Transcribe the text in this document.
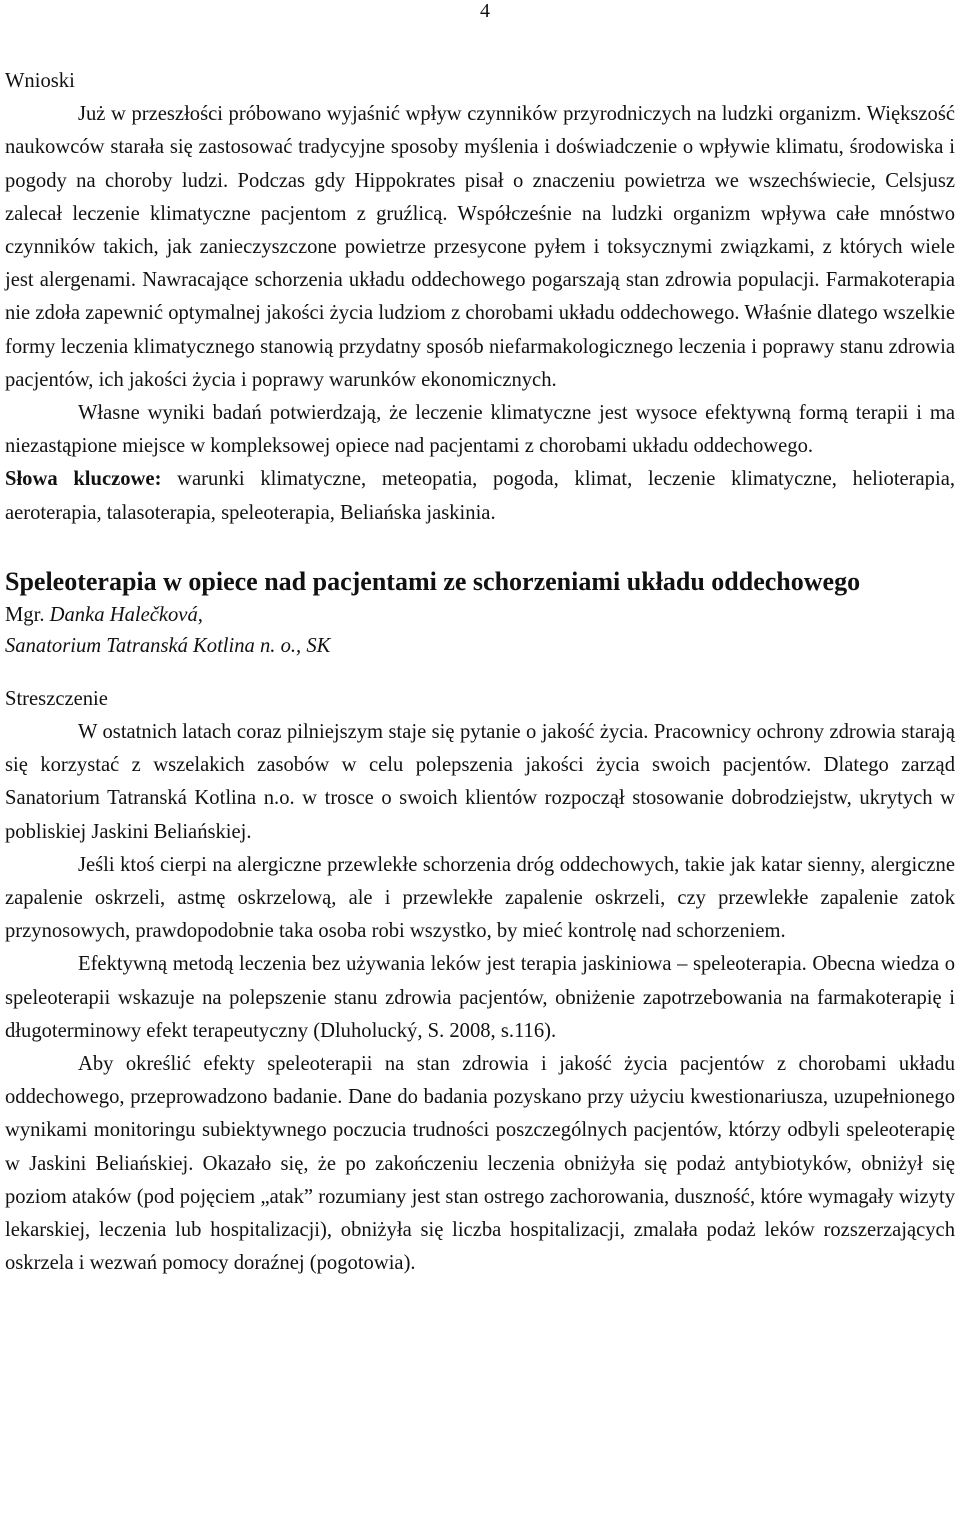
4

Wnioski

Już w przeszłości próbowano wyjaśnić wpływ czynników przyrodniczych na ludzki organizm. Większość naukowców starała się zastosować tradycyjne sposoby myślenia i doświadczenie o wpływie klimatu, środowiska i pogody na choroby ludzi. Podczas gdy Hippokrates pisał o znaczeniu powietrza we wszechświecie, Celsjusz zalecał leczenie klimatyczne pacjentom z gruźlicą. Współcześnie na ludzki organizm wpływa całe mnóstwo czynników takich, jak zanieczyszczone powietrze przesycone pyłem i toksycznymi związkami, z których wiele jest alergenami. Nawracające schorzenia układu oddechowego pogarszają stan zdrowia populacji. Farmakoterapia nie zdoła zapewnić optymalnej jakości życia ludziom z chorobami układu oddechowego. Właśnie dlatego wszelkie formy leczenia klimatycznego stanowią przydatny sposób niefarmakologicznego leczenia i poprawy stanu zdrowia pacjentów, ich jakości życia i poprawy warunków ekonomicznych.

Własne wyniki badań potwierdzają, że leczenie klimatyczne jest wysoce efektywną formą terapii i ma niezastąpione miejsce w kompleksowej opiece nad pacjentami z chorobami układu oddechowego.

Słowa kluczowe: warunki klimatyczne, meteopatia, pogoda, klimat, leczenie klimatyczne, helioterapia, aeroterapia, talasoterapia, speleoterapia, Beliańska jaskinia.

Speleoterapia w opiece nad pacjentami ze schorzeniami układu oddechowego

Mgr. Danka Halečková,

Sanatorium Tatranská Kotlina n. o., SK

Streszczenie

W ostatnich latach coraz pilniejszym staje się pytanie o jakość życia. Pracownicy ochrony zdrowia starają się korzystać z wszelakich zasobów w celu polepszenia jakości życia swoich pacjentów. Dlatego zarząd Sanatorium Tatranská Kotlina n.o. w trosce o swoich klientów rozpoczął stosowanie dobrodziejstw, ukrytych w pobliskiej Jaskini Beliańskiej.

Jeśli ktoś cierpi na alergiczne przewlekłe schorzenia dróg oddechowych, takie jak katar sienny, alergiczne zapalenie oskrzeli, astmę oskrzelową, ale i przewlekłe zapalenie oskrzeli, czy przewlekłe zapalenie zatok przynosowych, prawdopodobnie taka osoba robi wszystko, by mieć kontrolę nad schorzeniem.

Efektywną metodą leczenia bez używania leków jest terapia jaskiniowa – speleoterapia. Obecna wiedza o speleoterapii wskazuje na polepszenie stanu zdrowia pacjentów, obniżenie zapotrzebowania na farmakoterapię i długoterminowy efekt terapeutyczny (Dluholucký, S. 2008, s.116).

Aby określić efekty speleoterapii na stan zdrowia i jakość życia pacjentów z chorobami układu oddechowego, przeprowadzono badanie. Dane do badania pozyskano przy użyciu kwestionariusza, uzupełnionego wynikami monitoringu subiektywnego poczucia trudności poszczególnych pacjentów, którzy odbyli speleoterapię w Jaskini Beliańskiej. Okazało się, że po zakończeniu leczenia obniżyła się podaż antybiotyków, obniżył się poziom ataków (pod pojęciem „atak” rozumiany jest stan ostrego zachorowania, duszność, które wymagały wizyty lekarskiej, leczenia lub hospitalizacji), obniżyła się liczba hospitalizacji, zmalała podaż leków rozszerzających oskrzela i wezwań pomocy doraźnej (pogotowia).
